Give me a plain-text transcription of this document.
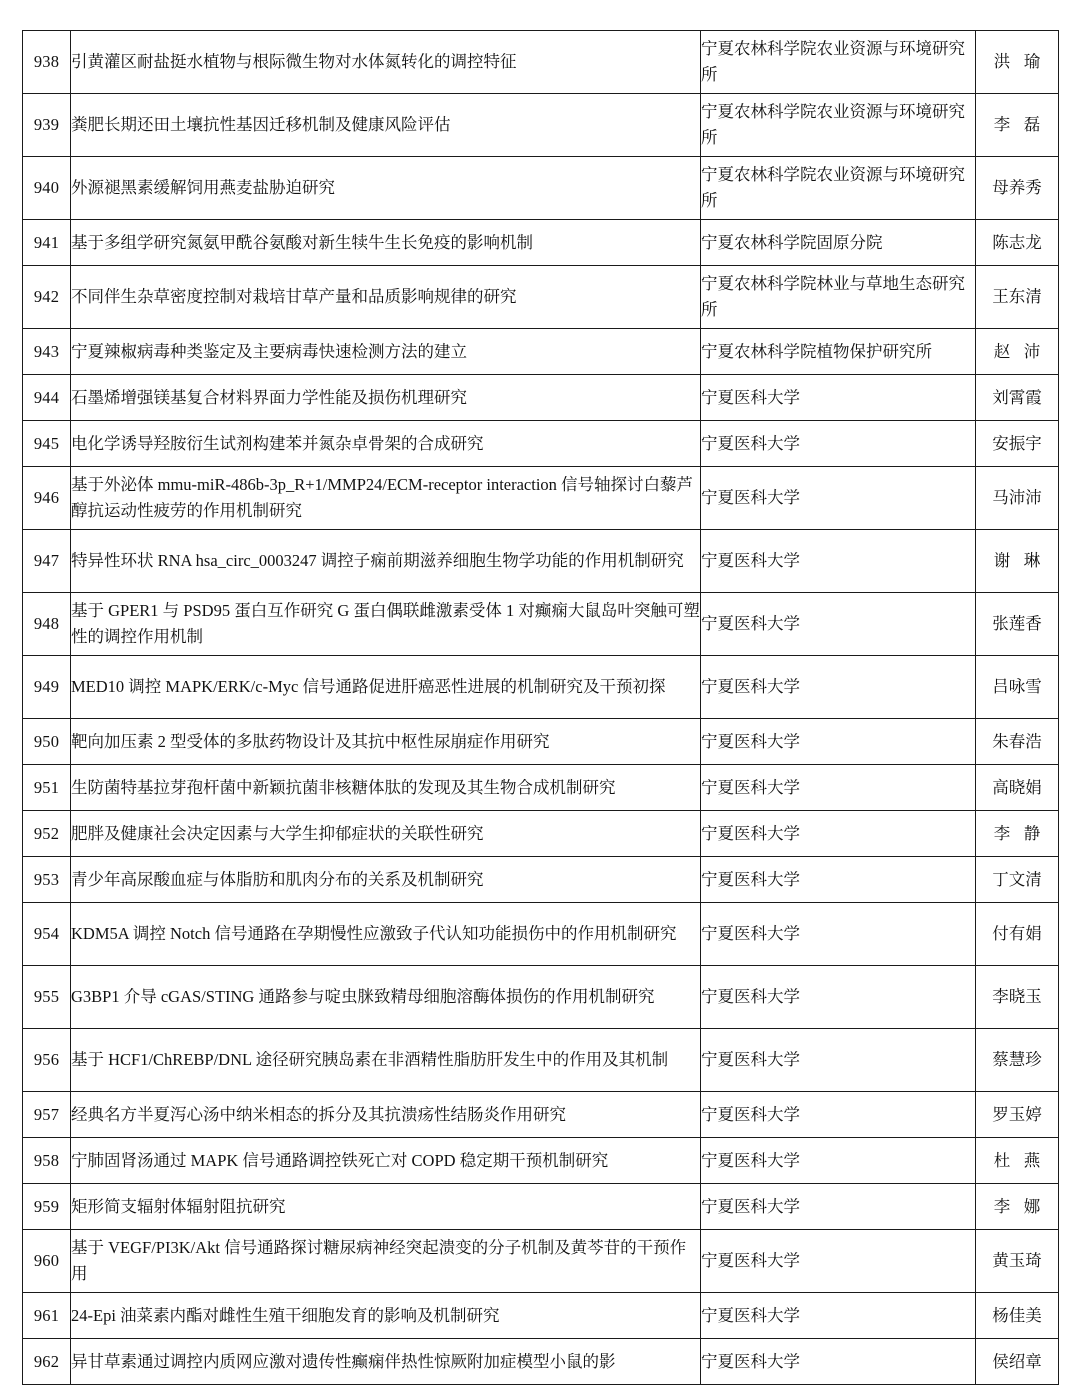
938	引黄灌区耐盐挺水植物与根际微生物对水体氮转化的调控特征	宁夏农林科学院农业资源与环境研究所	洪瑜
939	粪肥长期还田土壤抗性基因迁移机制及健康风险评估	宁夏农林科学院农业资源与环境研究所	李磊
940	外源褪黑素缓解饲用燕麦盐胁迫研究	宁夏农林科学院农业资源与环境研究所	母养秀
941	基于多组学研究氮氨甲酰谷氨酸对新生犊牛生长免疫的影响机制	宁夏农林科学院固原分院	陈志龙
942	不同伴生杂草密度控制对栽培甘草产量和品质影响规律的研究	宁夏农林科学院林业与草地生态研究所	王东清
943	宁夏辣椒病毒种类鉴定及主要病毒快速检测方法的建立	宁夏农林科学院植物保护研究所	赵沛
944	石墨烯增强镁基复合材料界面力学性能及损伤机理研究	宁夏医科大学	刘霄霞
945	电化学诱导羟胺衍生试剂构建苯并氮杂卓骨架的合成研究	宁夏医科大学	安振宇
946	基于外泌体 mmu-miR-486b-3p_R+1/MMP24/ECM-receptor interaction 信号轴探讨白藜芦醇抗运动性疲劳的作用机制研究	宁夏医科大学	马沛沛
947	特异性环状 RNA hsa_circ_0003247 调控子痫前期滋养细胞生物学功能的作用机制研究	宁夏医科大学	谢琳
948	基于 GPER1 与 PSD95 蛋白互作研究 G 蛋白偶联雌激素受体 1 对癫痫大鼠岛叶突触可塑性的调控作用机制	宁夏医科大学	张莲香
949	MED10 调控 MAPK/ERK/c-Myc 信号通路促进肝癌恶性进展的机制研究及干预初探	宁夏医科大学	吕咏雪
950	靶向加压素 2 型受体的多肽药物设计及其抗中枢性尿崩症作用研究	宁夏医科大学	朱春浩
951	生防菌特基拉芽孢杆菌中新颖抗菌非核糖体肽的发现及其生物合成机制研究	宁夏医科大学	高晓娟
952	肥胖及健康社会决定因素与大学生抑郁症状的关联性研究	宁夏医科大学	李静
953	青少年高尿酸血症与体脂肪和肌肉分布的关系及机制研究	宁夏医科大学	丁文清
954	KDM5A 调控 Notch 信号通路在孕期慢性应激致子代认知功能损伤中的作用机制研究	宁夏医科大学	付有娟
955	G3BP1 介导 cGAS/STING 通路参与啶虫脒致精母细胞溶酶体损伤的作用机制研究	宁夏医科大学	李晓玉
956	基于 HCF1/ChREBP/DNL 途径研究胰岛素在非酒精性脂肪肝发生中的作用及其机制	宁夏医科大学	蔡慧珍
957	经典名方半夏泻心汤中纳米相态的拆分及其抗溃疡性结肠炎作用研究	宁夏医科大学	罗玉婷
958	宁肺固肾汤通过 MAPK 信号通路调控铁死亡对 COPD 稳定期干预机制研究	宁夏医科大学	杜燕
959	矩形简支辐射体辐射阻抗研究	宁夏医科大学	李娜
960	基于 VEGF/PI3K/Akt 信号通路探讨糖尿病神经突起溃变的分子机制及黄芩苷的干预作用	宁夏医科大学	黄玉琦
961	24-Epi 油菜素内酯对雌性生殖干细胞发育的影响及机制研究	宁夏医科大学	杨佳美
962	异甘草素通过调控内质网应激对遗传性癫痫伴热性惊厥附加症模型小鼠的影	宁夏医科大学	侯绍章
